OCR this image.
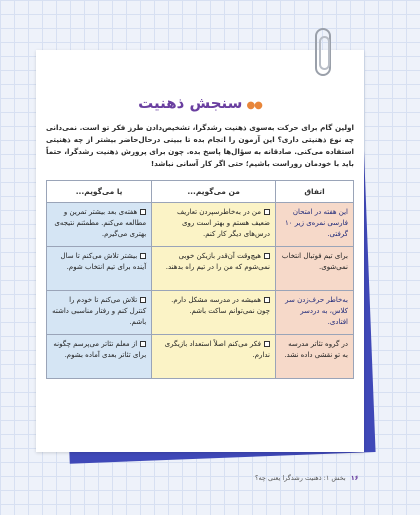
سنجش ذهنیت ●●

اولین گام برای حرکت به‌سوی ذهنیت رشدگرا، تشخیص‌دادن طرز فکر تو است. نمی‌دانی چه نوع ذهنیتی داری؟ این آزمون را انجام بده تا ببینی درحال‌حاضر بیشتر از چه ذهنیتی استفاده می‌کنی. صادقانه به سؤال‌ها پاسخ بده. چون برای پرورش ذهنیت رشدگرا، حتماً باید با خودمان روراست باشیم؛ حتی اگر کار آسانی نباشد!

اتفاق	من می‌گویم...	یا می‌گویم...
این هفته در امتحان فارسی نمره‌ی زیر ۱۰ گرفتی.	من در به‌خاطرسپردن تعاریف ضعیف هستم و بهتر است روی درس‌های دیگر کار کنم.	هفته‌ی بعد بیشتر تمرین و مطالعه می‌کنم. مطمئنم نتیجه‌ی بهتری می‌گیرم.
برای تیم فوتبال انتخاب نمی‌شوی.	هیچ‌وقت آن‌قدر بازیکن خوبی نمی‌شوم که من را در تیم راه بدهند.	بیشتر تلاش می‌کنم تا سال آینده برای تیم انتخاب شوم.
به‌خاطر حرف‌زدن سر کلاس، به دردسر افتادی.	همیشه در مدرسه مشکل دارم. چون نمی‌توانم ساکت باشم.	تلاش می‌کنم تا خودم را کنترل کنم و رفتار مناسبی داشته باشم.
در گروه تئاتر مدرسه به تو نقشی داده نشد.	فکر می‌کنم اصلاً استعداد بازیگری ندارم.	از معلم تئاتر می‌پرسم چگونه برای تئاتر بعدی آماده بشوم.
۱۶بخش ۱: ذهنیت رشدگرا یعنی چه؟
